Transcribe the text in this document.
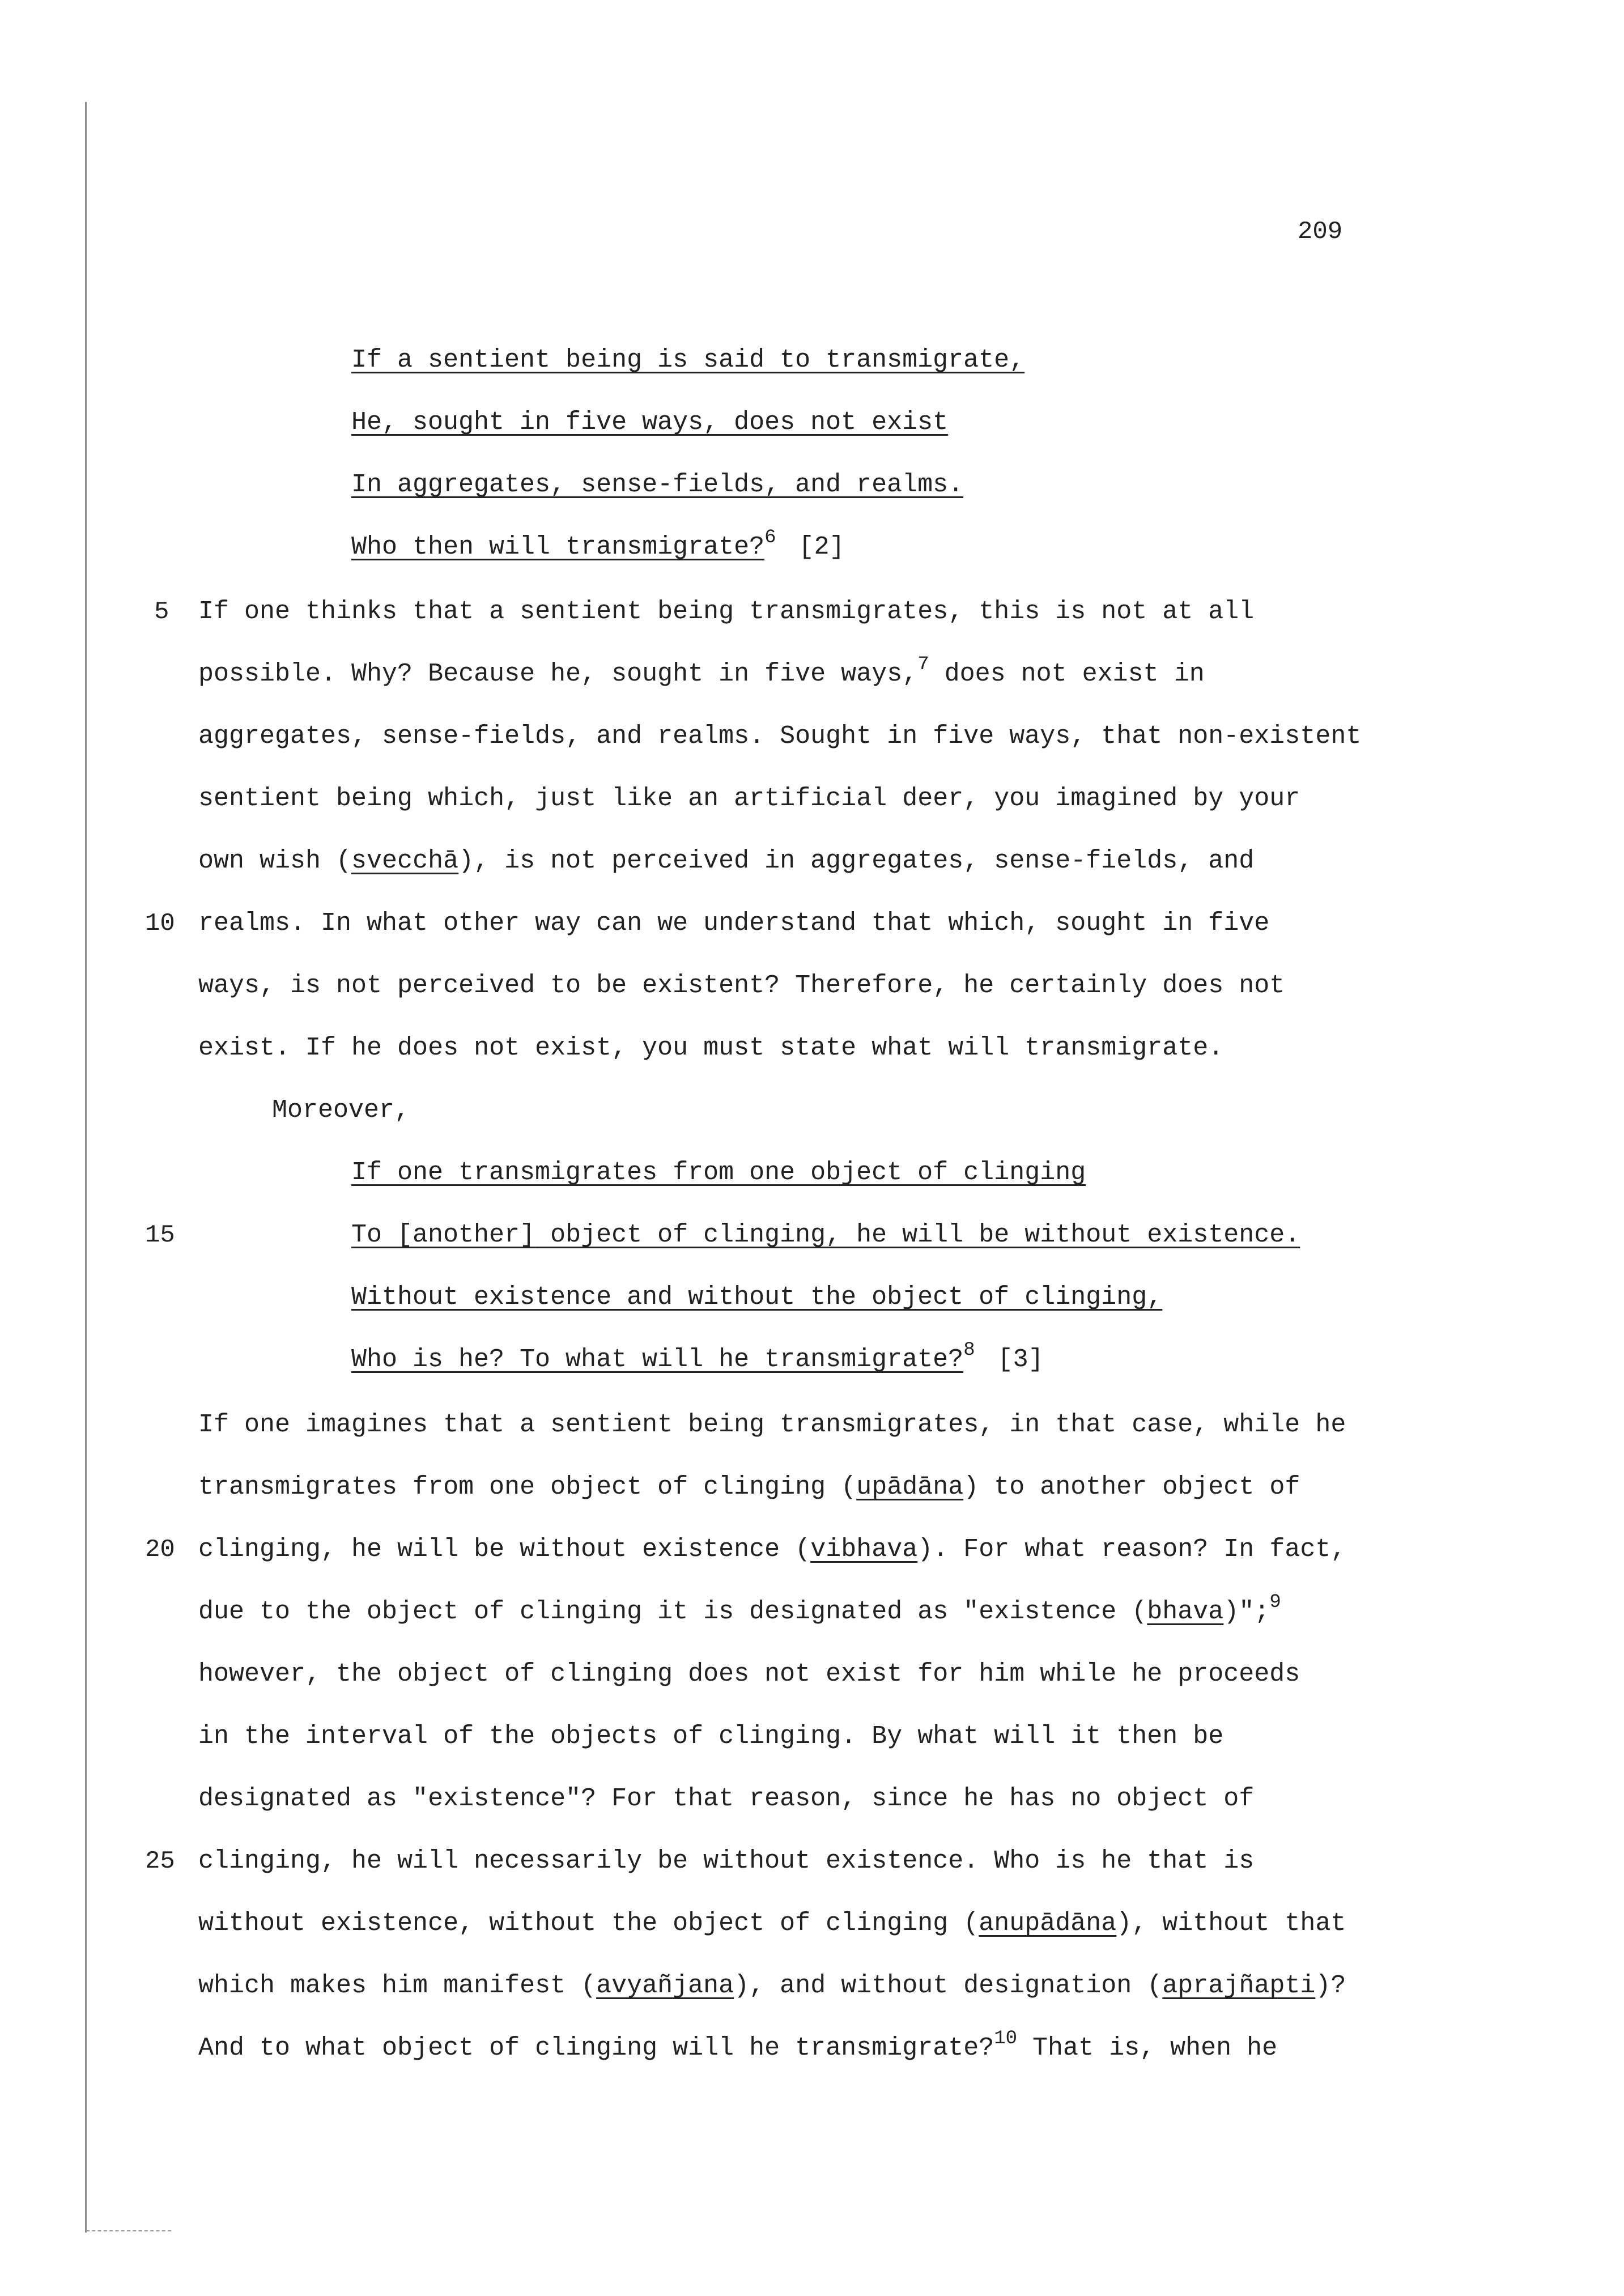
209
If a sentient being is said to transmigrate,
He, sought in five ways, does not exist
In aggregates, sense-fields, and realms.
Who then will transmigrate?$^6$ [2]
5 If one thinks that a sentient being transmigrates, this is not at all
possible. Why? Because he, sought in five ways,$^7$ does not exist in
aggregates, sense-fields, and realms. Sought in five ways, that non-existent
sentient being which, just like an artificial deer, you imagined by your
own wish (svecchā), is not perceived in aggregates, sense-fields, and
10 realms. In what other way can we understand that which, sought in five
ways, is not perceived to be existent? Therefore, he certainly does not
exist. If he does not exist, you must state what will transmigrate.
Moreover,
If one transmigrates from one object of clinging
15	To [another] object of clinging, he will be without existence.
Without existence and without the object of clinging,
Who is he? To what will he transmigrate?$^8$ [3]
If one imagines that a sentient being transmigrates, in that case, while he
transmigrates from one object of clinging (upādāna) to another object of
20 clinging, he will be without existence (vibhava). For what reason? In fact,
due to the object of clinging it is designated as "existence (bhava)";$^9$
however, the object of clinging does not exist for him while he proceeds
in the interval of the objects of clinging. By what will it then be
designated as "existence"? For that reason, since he has no object of
25 clinging, he will necessarily be without existence. Who is he that is
without existence, without the object of clinging (anupādāna), without that
which makes him manifest (avyañjana), and without designation (aprajñapti)?
And to what object of clinging will he transmigrate?$^{10}$ That is, when he
